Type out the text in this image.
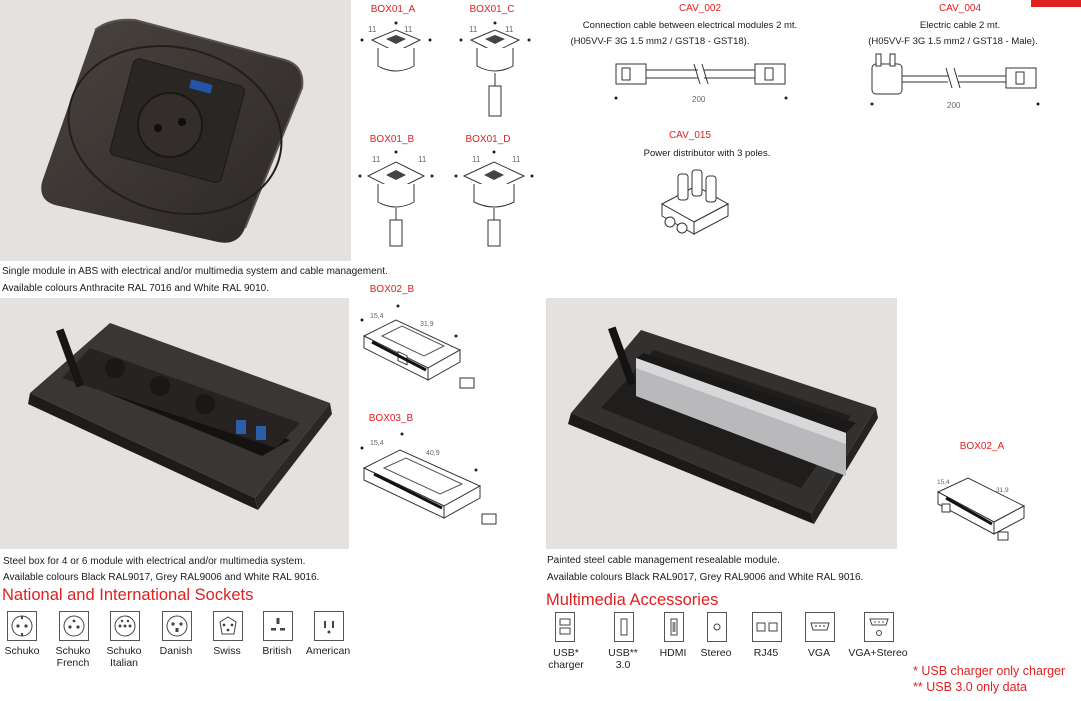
Single module in ABS with electrical and/or multimedia system and cable management.
Available colours Anthracite RAL 7016 and White RAL 9010.
BOX01_A	BOX01_C
BOX01_B	BOX01_D
11	11	11	11
11	11	11	11
CAV_002
Connection cable between electrical modules 2 mt.
(H05VV-F 3G 1.5 mm2 / GST18 - GST18).
200
CAV_004
Electric cable 2 mt.
(H05VV-F 3G 1.5 mm2 / GST18 - Male).
200
CAV_015
Power distributor with 3 poles.
Steel box for 4 or 6 module with electrical and/or multimedia system.
Available colours Black RAL9017, Grey RAL9006 and White RAL 9016.
BOX02_B
15,4
31,9
BOX03_B
15,4
40,9
Painted steel cable management resealable module.
Available colours Black RAL9017, Grey RAL9006 and White RAL 9016.
BOX02_A
15,4
31,9
National and International Sockets
Schuko	Schuko
French
Schuko
Italian
Danish	Swiss	British	American
Multimedia Accessories
USB*
charger
USB**
3.0
HDMI	Stereo	RJ45	VGA	VGA+Stereo
* USB charger only charger
** USB 3.0 only data
